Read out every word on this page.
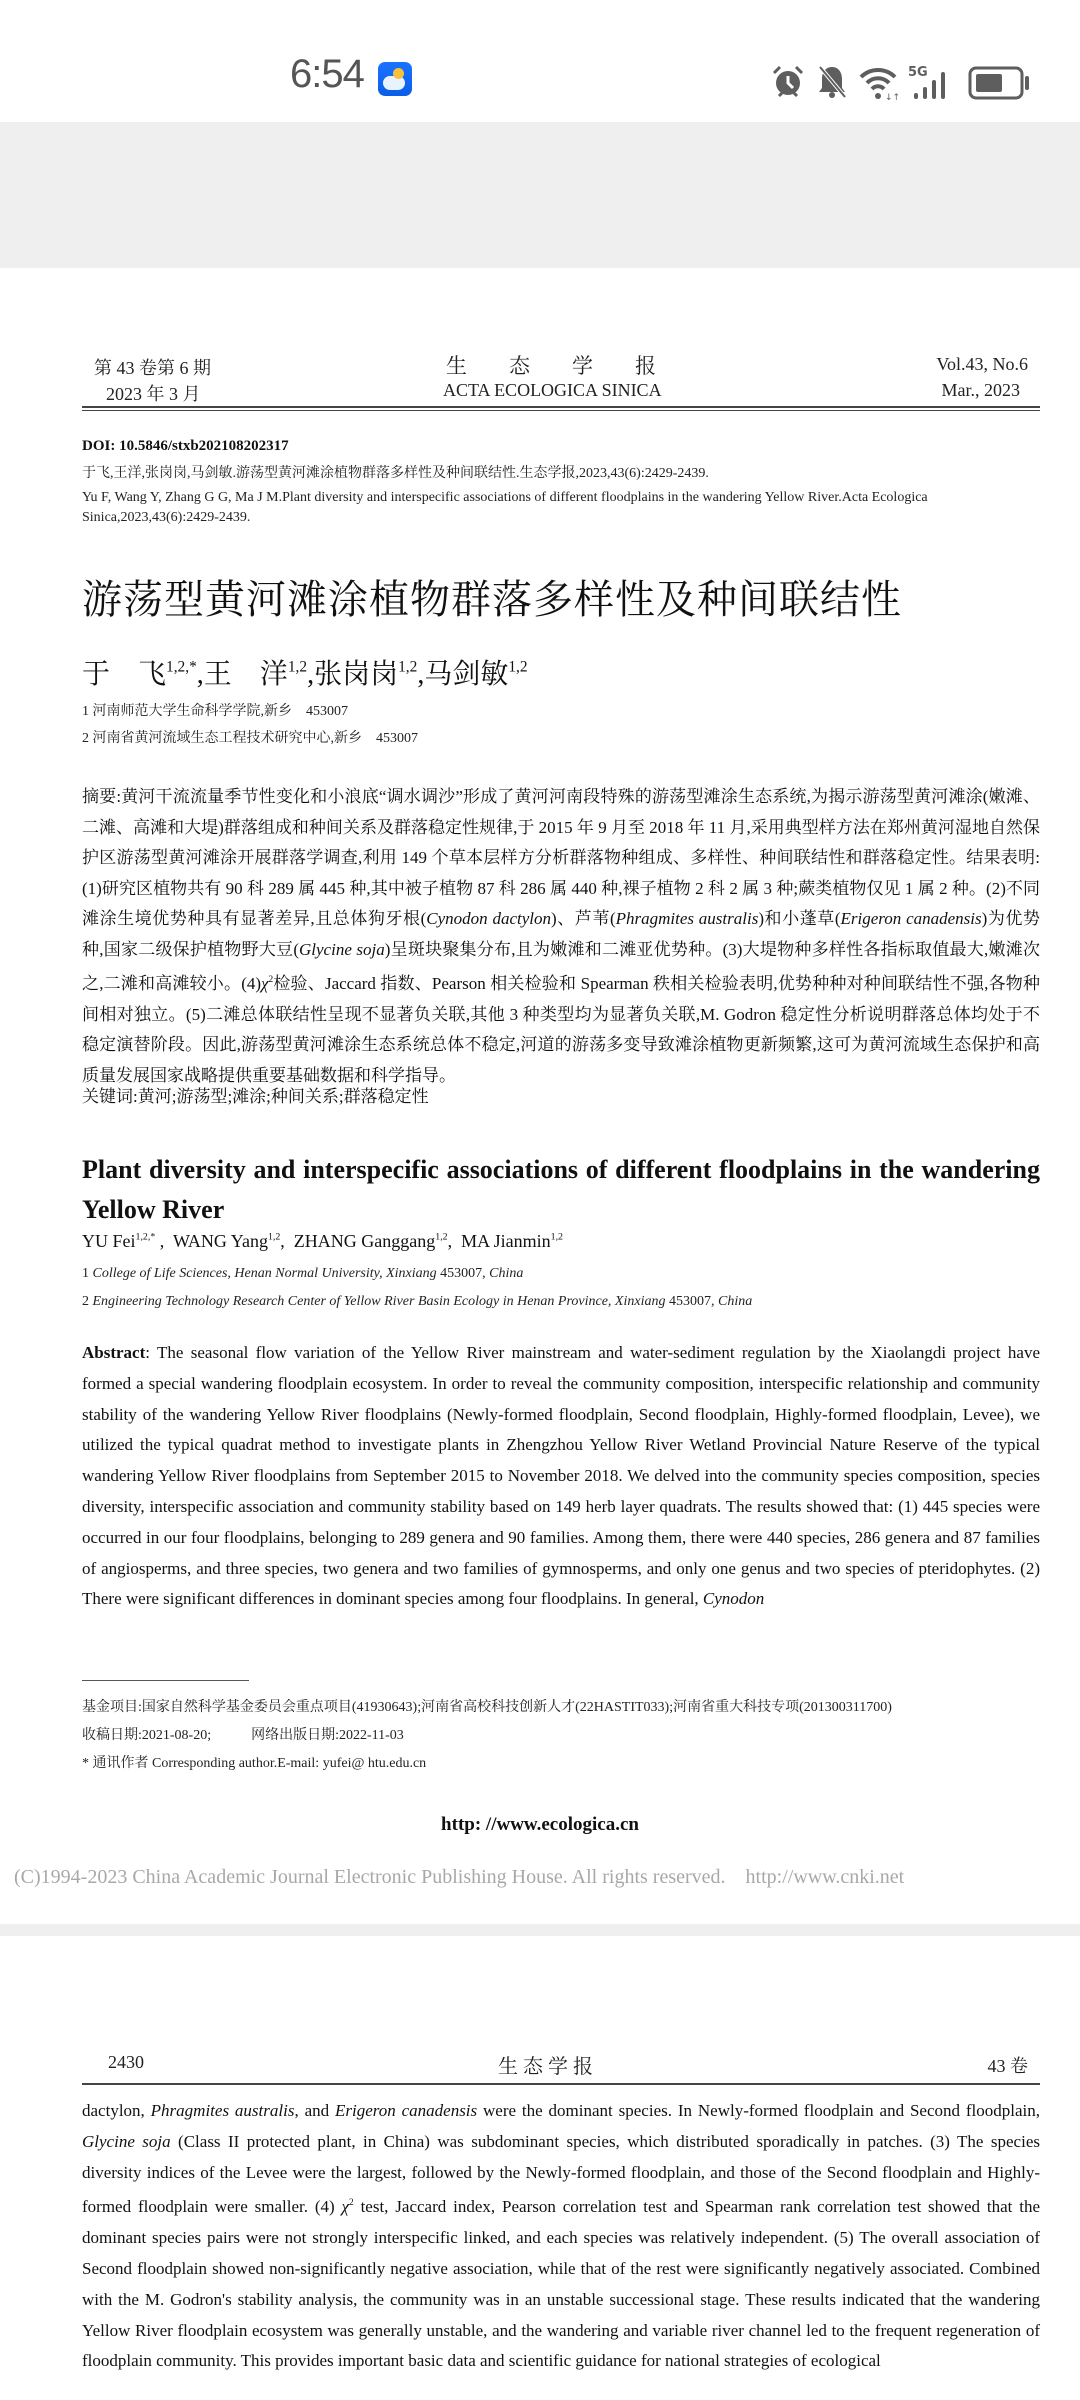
6:54
↓↑
5G
第 43 卷第 6 期
2023 年 3 月
生　　态　　学　　报
ACTA ECOLOGICA SINICA
Vol.43, No.6
Mar., 2023
DOI: 10.5846/stxb202108202317
于飞,王洋,张岗岗,马剑敏.游荡型黄河滩涂植物群落多样性及种间联结性.生态学报,2023,43(6):2429-2439.
Yu F, Wang Y, Zhang G G, Ma J M.Plant diversity and interspecific associations of different floodplains in the wandering Yellow River.Acta Ecologica Sinica,2023,43(6):2429-2439.
游荡型黄河滩涂植物群落多样性及种间联结性
于　飞$^{1,2,*}$,王　洋$^{1,2}$,张岗岗$^{1,2}$,马剑敏$^{1,2}$
1 河南师范大学生命科学学院,新乡　453007
2 河南省黄河流域生态工程技术研究中心,新乡　453007
摘要:黄河干流流量季节性变化和小浪底“调水调沙”形成了黄河河南段特殊的游荡型滩涂生态系统,为揭示游荡型黄河滩涂(嫩滩、二滩、高滩和大堤)群落组成和种间关系及群落稳定性规律,于 2015 年 9 月至 2018 年 11 月,采用典型样方法在郑州黄河湿地自然保护区游荡型黄河滩涂开展群落学调查,利用 149 个草本层样方分析群落物种组成、多样性、种间联结性和群落稳定性。结果表明:(1)研究区植物共有 90 科 289 属 445 种,其中被子植物 87 科 286 属 440 种,裸子植物 2 科 2 属 3 种;蕨类植物仅见 1 属 2 种。(2)不同滩涂生境优势种具有显著差异,且总体狗牙根(Cynodon dactylon)、芦苇(Phragmites australis)和小蓬草(Erigeron canadensis)为优势种,国家二级保护植物野大豆(Glycine soja)呈斑块聚集分布,且为嫩滩和二滩亚优势种。(3)大堤物种多样性各指标取值最大,嫩滩次之,二滩和高滩较小。$(4)\chi^2$检验、Jaccard 指数、Pearson 相关检验和 Spearman 秩相关检验表明,优势种种对种间联结性不强,各物种间相对独立。(5)二滩总体联结性呈现不显著负关联,其他 3 种类型均为显著负关联,M. Godron 稳定性分析说明群落总体均处于不稳定演替阶段。因此,游荡型黄河滩涂生态系统总体不稳定,河道的游荡多变导致滩涂植物更新频繁,这可为黄河流域生态保护和高质量发展国家战略提供重要基础数据和科学指导。
关键词:黄河;游荡型;滩涂;种间关系;群落稳定性
Plant diversity and interspecific associations of different floodplains in the wandering Yellow River
YU Fei$^{1,2,*}$ ,  WANG Yang$^{1,2}$,  ZHANG Ganggang$^{1,2}$,  MA Jianmin$^{1,2}$
1 College of Life Sciences, Henan Normal University, Xinxiang 453007, China
2 Engineering Technology Research Center of Yellow River Basin Ecology in Henan Province, Xinxiang 453007, China
Abstract: The seasonal flow variation of the Yellow River mainstream and water-sediment regulation by the Xiaolangdi project have formed a special wandering floodplain ecosystem. In order to reveal the community composition, interspecific relationship and community stability of the wandering Yellow River floodplains (Newly-formed floodplain, Second floodplain, Highly-formed floodplain, Levee), we utilized the typical quadrat method to investigate plants in Zhengzhou Yellow River Wetland Provincial Nature Reserve of the typical wandering Yellow River floodplains from September 2015 to November 2018. We delved into the community species composition, species diversity, interspecific association and community stability based on 149 herb layer quadrats. The results showed that: (1) 445 species were occurred in our four floodplains, belonging to 289 genera and 90 families. Among them, there were 440 species, 286 genera and 87 families of angiosperms, and three species, two genera and two families of gymnosperms, and only one genus and two species of pteridophytes. (2) There were significant differences in dominant species among four floodplains. In general, Cynodon
基金项目:国家自然科学基金委员会重点项目(41930643);河南省高校科技创新人才(22HASTIT033);河南省重大科技专项(201300311700)
收稿日期:2021-08-20;	网络出版日期:2022-11-03
* 通讯作者 Corresponding author.E-mail: yufei@ htu.edu.cn
http: //www.ecologica.cn
(C)1994-2023 China Academic Journal Electronic Publishing House. All rights reserved.    http://www.cnki.net
2430	生 态 学 报	43 卷
dactylon, Phragmites australis, and Erigeron canadensis were the dominant species. In Newly-formed floodplain and Second floodplain, Glycine soja (Class II protected plant, in China) was subdominant species, which distributed sporadically in patches. (3) The species diversity indices of the Levee were the largest, followed by the Newly-formed floodplain, and those of the Second floodplain and Highly-formed floodplain were smaller. (4) $\chi^2$ test, Jaccard index, Pearson correlation test and Spearman rank correlation test showed that the dominant species pairs were not strongly interspecific linked, and each species was relatively independent. (5) The overall association of Second floodplain showed non-significantly negative association, while that of the rest were significantly negatively associated. Combined with the M. Godron's stability analysis, the community was in an unstable successional stage. These results indicated that the wandering Yellow River floodplain ecosystem was generally unstable, and the wandering and variable river channel led to the frequent regeneration of floodplain community. This provides important basic data and scientific guidance for national strategies of ecological
